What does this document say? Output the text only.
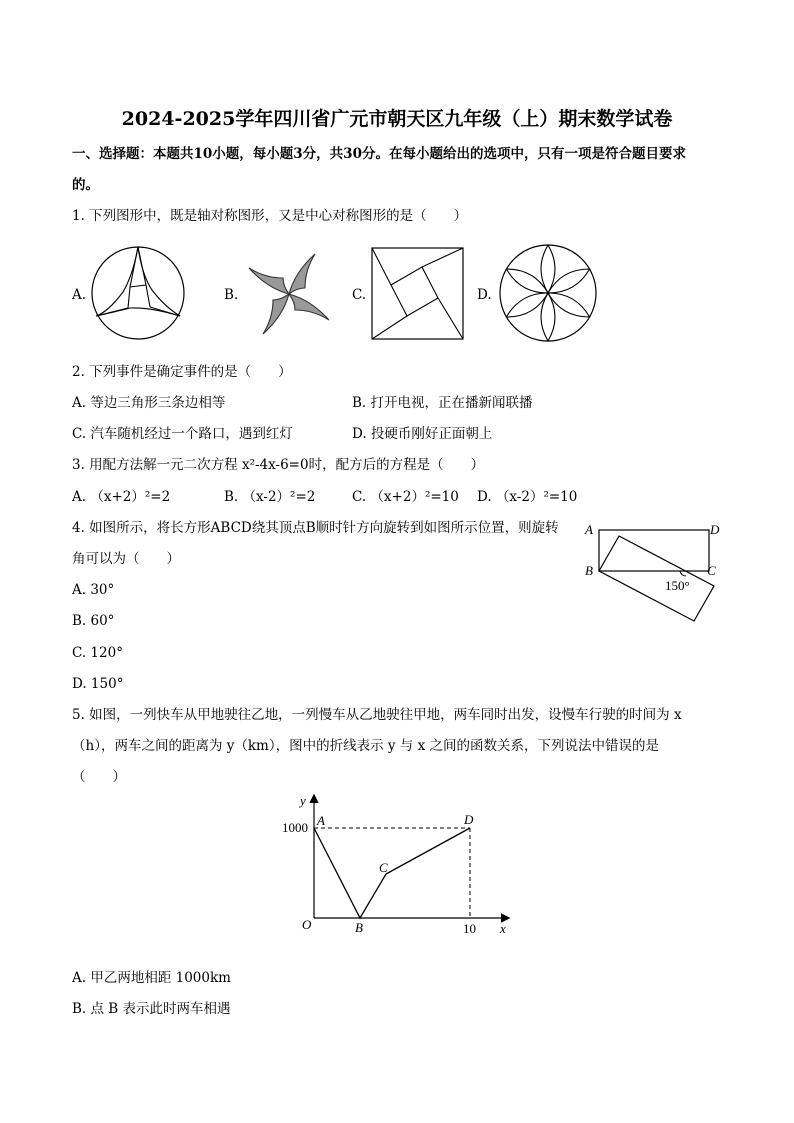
2024-2025学年四川省广元市朝天区九年级（上）期末数学试卷
一、选择题：本题共10小题，每小题3分，共30分。在每小题给出的选项中，只有一项是符合题目要求
的。
1. 下列图形中，既是轴对称图形，又是中心对称图形的是（　　）
A.	B.	C.	D.
2. 下列事件是确定事件的是（　　）
A. 等边三角形三条边相等	B. 打开电视，正在播新闻联播
C. 汽车随机经过一个路口，遇到红灯	D. 投硬币刚好正面朝上
3. 用配方法解一元二次方程 x²-4x-6=0时，配方后的方程是（　　）
A. （x+2）²=2	B. （x-2）²=2	C. （x+2）²=10 D. （x-2）²=10
4. 如图所示，将长方形ABCD绕其顶点B顺时针方向旋转到如图所示位置，则旋转
角可以为（　　）
A. 30°
B. 60°
C. 120°
D. 150°
A	D
B	C
150°
5. 如图，一列快车从甲地驶往乙地，一列慢车从乙地驶往甲地，两车同时出发，设慢车行驶的时间为 x
（h），两车之间的距离为 y（km），图中的折线表示 y 与 x 之间的函数关系，下列说法中错误的是
（　　）
y
x
O
1000
10
A
B
C
D
A. 甲乙两地相距 1000km
B. 点 B 表示此时两车相遇
